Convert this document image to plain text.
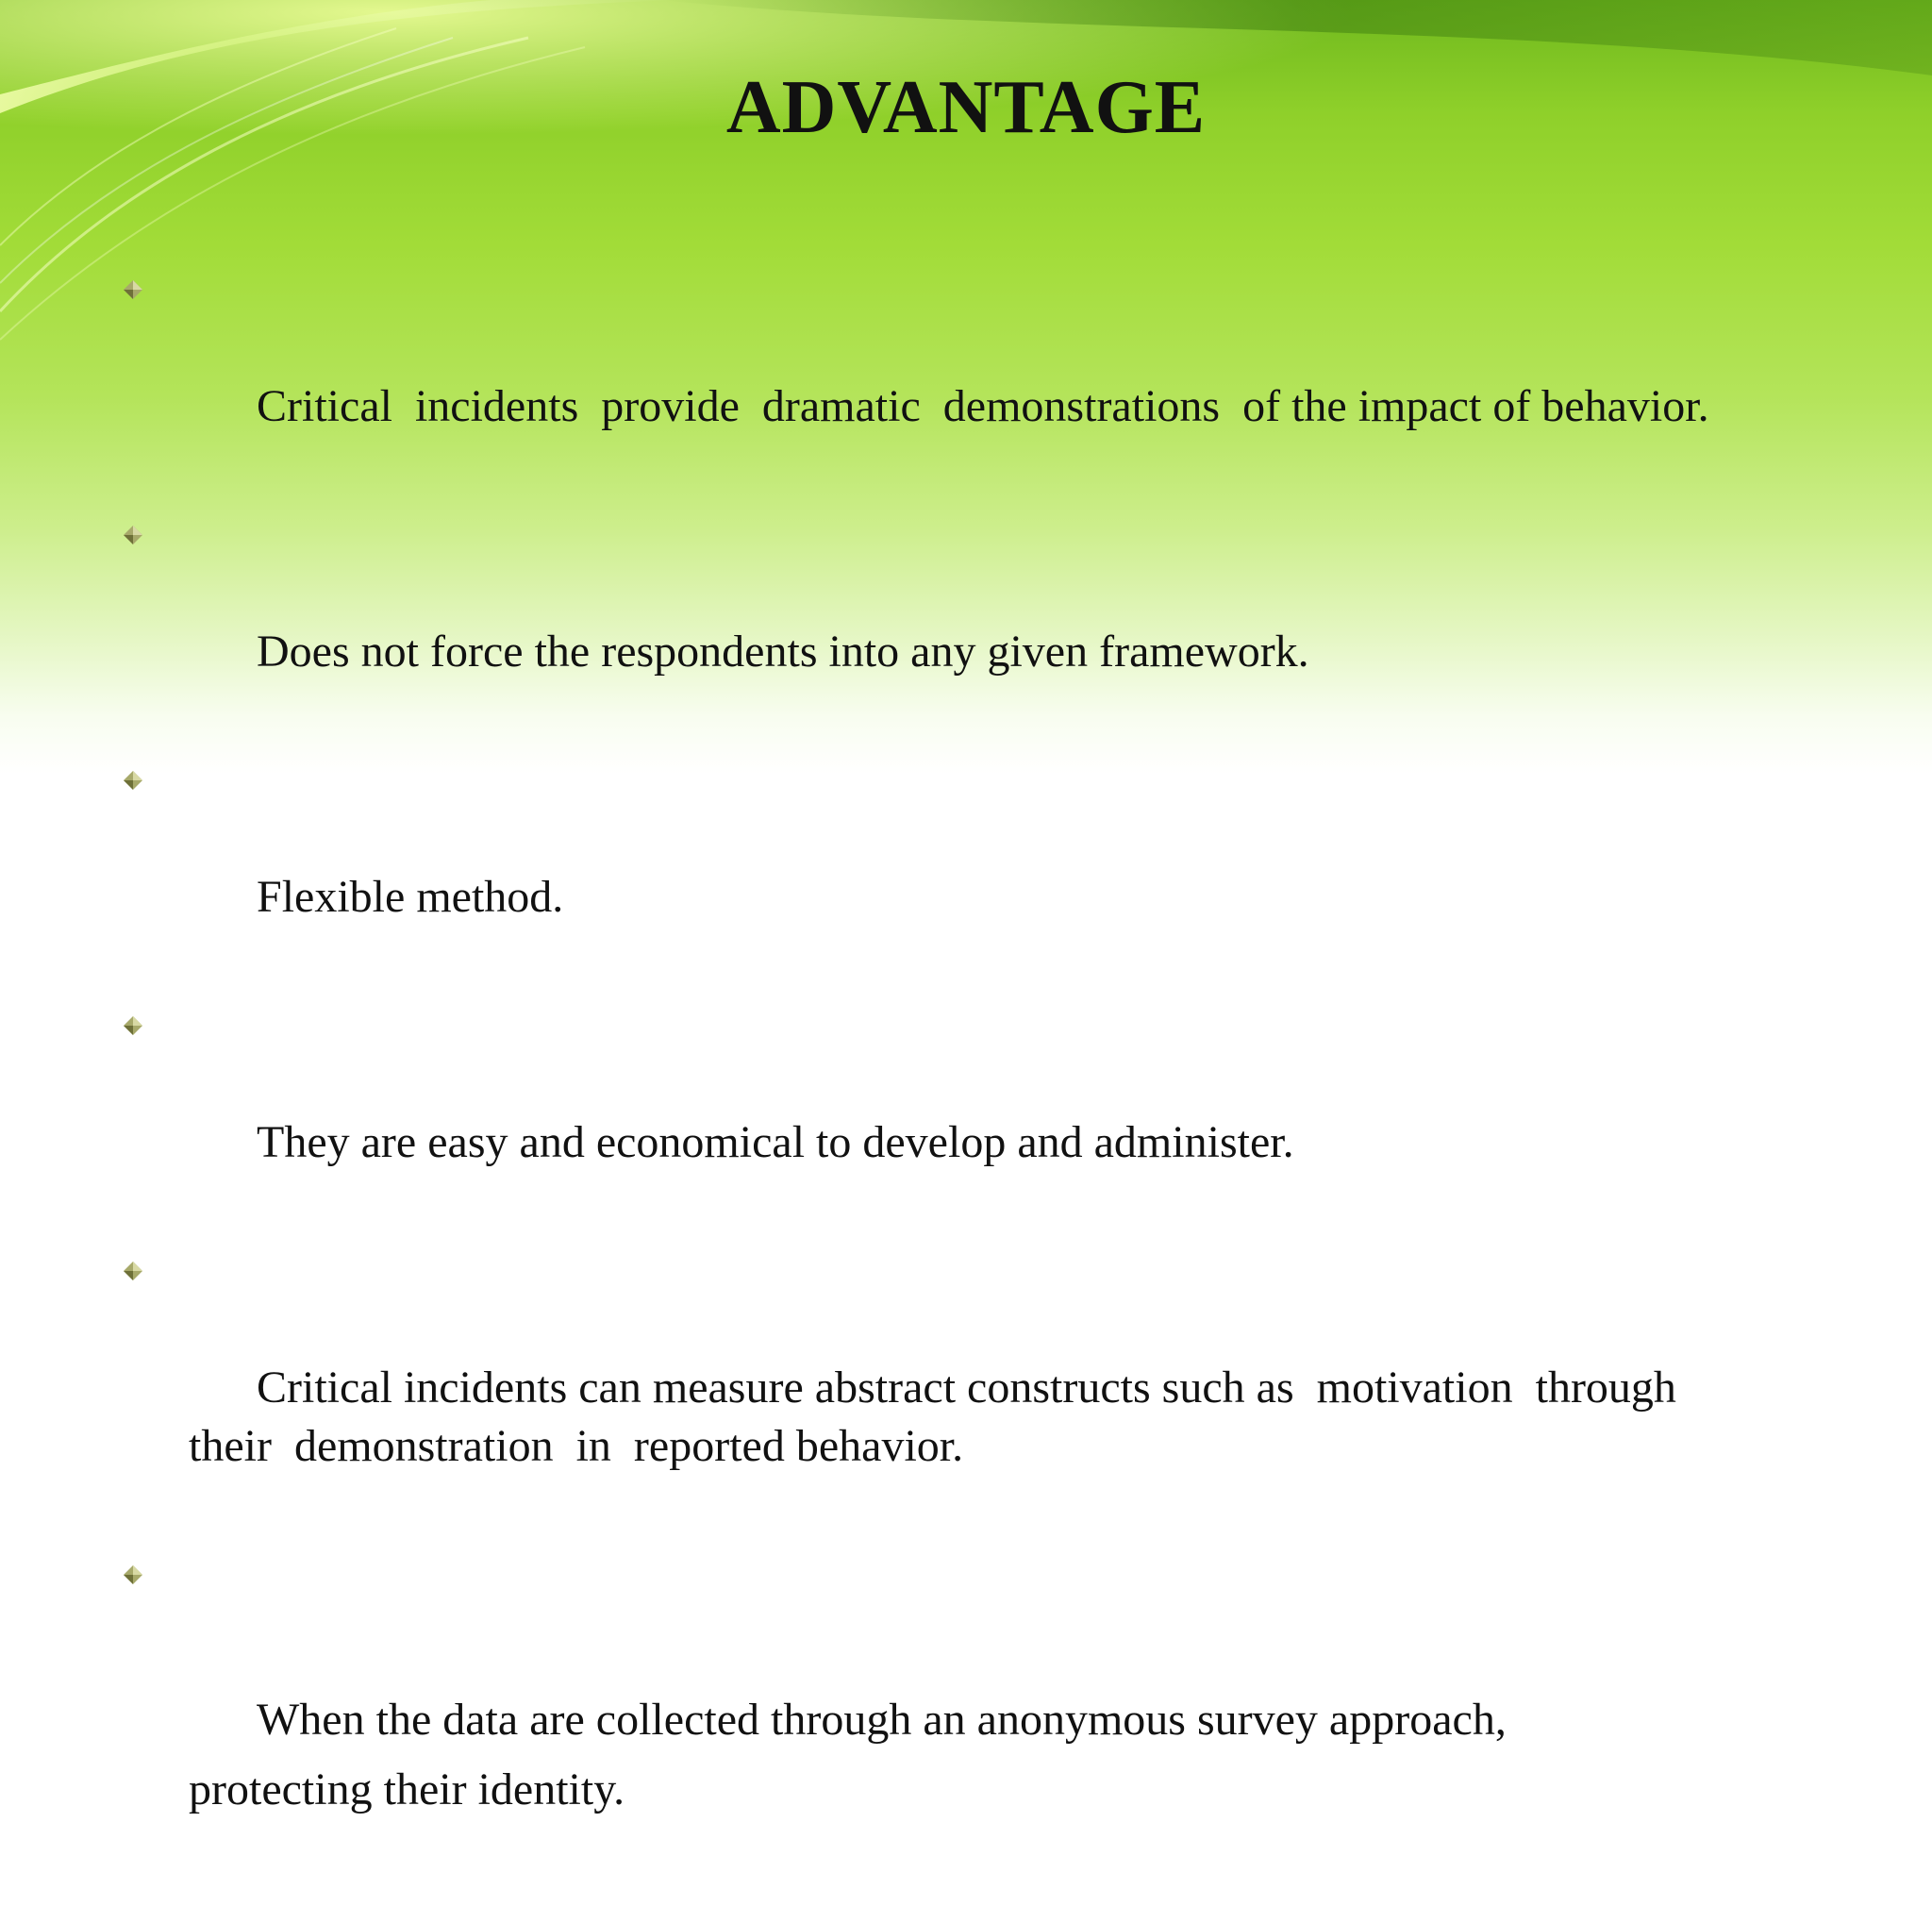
ADVANTAGE

Critical  incidents  provide  dramatic  demonstrations  of the impact of behavior.

Does not force the respondents into any given framework.

Flexible method.

They are easy and economical to develop and administer.

Critical incidents can measure abstract constructs such as  motivation  through
their  demonstration  in  reported behavior.

When the data are collected through an anonymous survey approach,
protecting their identity.
